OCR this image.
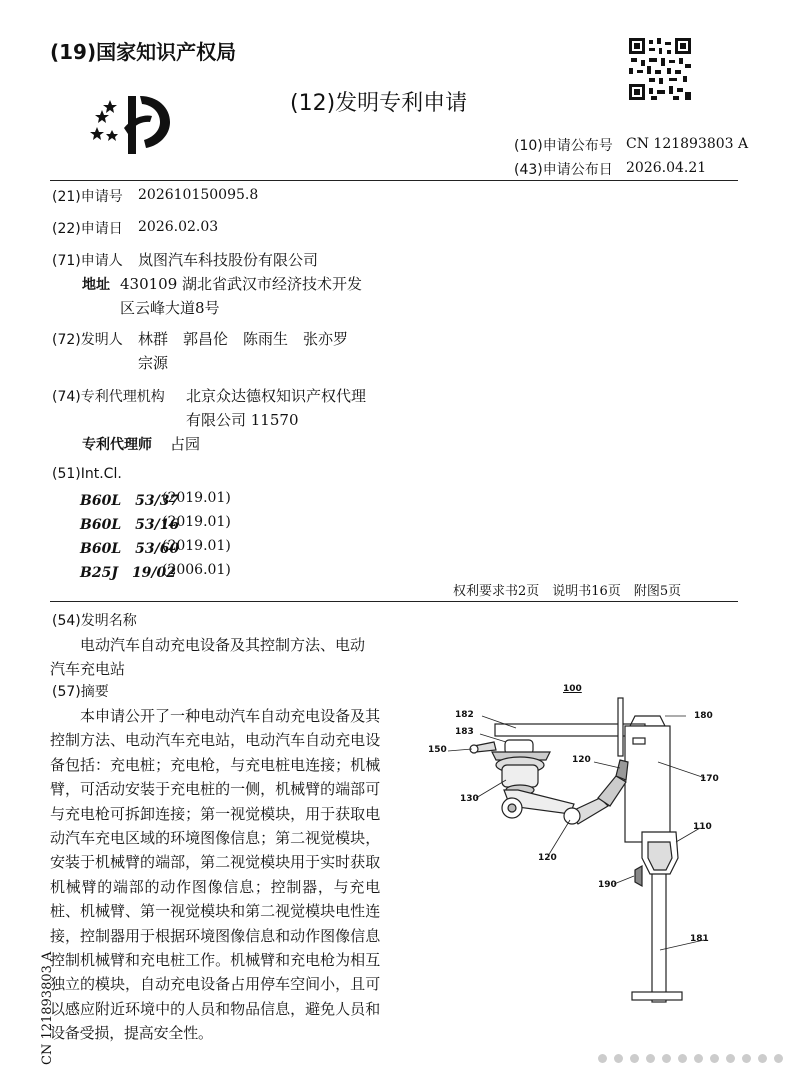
(19)国家知识产权局
(12)发明专利申请
(10)申请公布号 CN 121893803 A
(43)申请公布日 2026.04.21
(21)申请号 202610150095.8
(22)申请日 2026.02.03
(71)申请人 岚图汽车科技股份有限公司
地址 430109 湖北省武汉市经济技术开发
区云峰大道8号
(72)发明人 林群　郭昌伦　陈雨生　张亦罗
宗源
(74)专利代理机构 北京众达德权知识产权代理
有限公司 11570
专利代理师 占园
(51)Int.Cl.
B60L　53/37
(2019.01)
B60L　53/16
(2019.01)
B60L　53/60
(2019.01)
B25J　19/02
(2006.01)
权利要求书2页　说明书16页　附图5页
(54)发明名称
电动汽车自动充电设备及其控制方法、电动
汽车充电站
(57)摘要
本申请公开了一种电动汽车自动充电设备及其控制方法、电动汽车充电站，电动汽车自动充电设备包括：充电桩；充电枪，与充电桩电连接；机械臂，可活动安装于充电桩的一侧，机械臂的端部可与充电枪可拆卸连接；第一视觉模块，用于获取电动汽车充电区域的环境图像信息；第二视觉模块，安装于机械臂的端部，第二视觉模块用于实时获取机械臂的端部的动作图像信息；控制器，与充电桩、机械臂、第一视觉模块和第二视觉模块电性连接，控制器用于根据环境图像信息和动作图像信息控制机械臂和充电桩工作。机械臂和充电枪为相互独立的模块，自动充电设备占用停车空间小，且可以感应附近环境中的人员和物品信息，避免人员和设备受损，提高安全性。
CN 121893803 A
100
182	180
183
150
120
170
130
110
120
190
181
